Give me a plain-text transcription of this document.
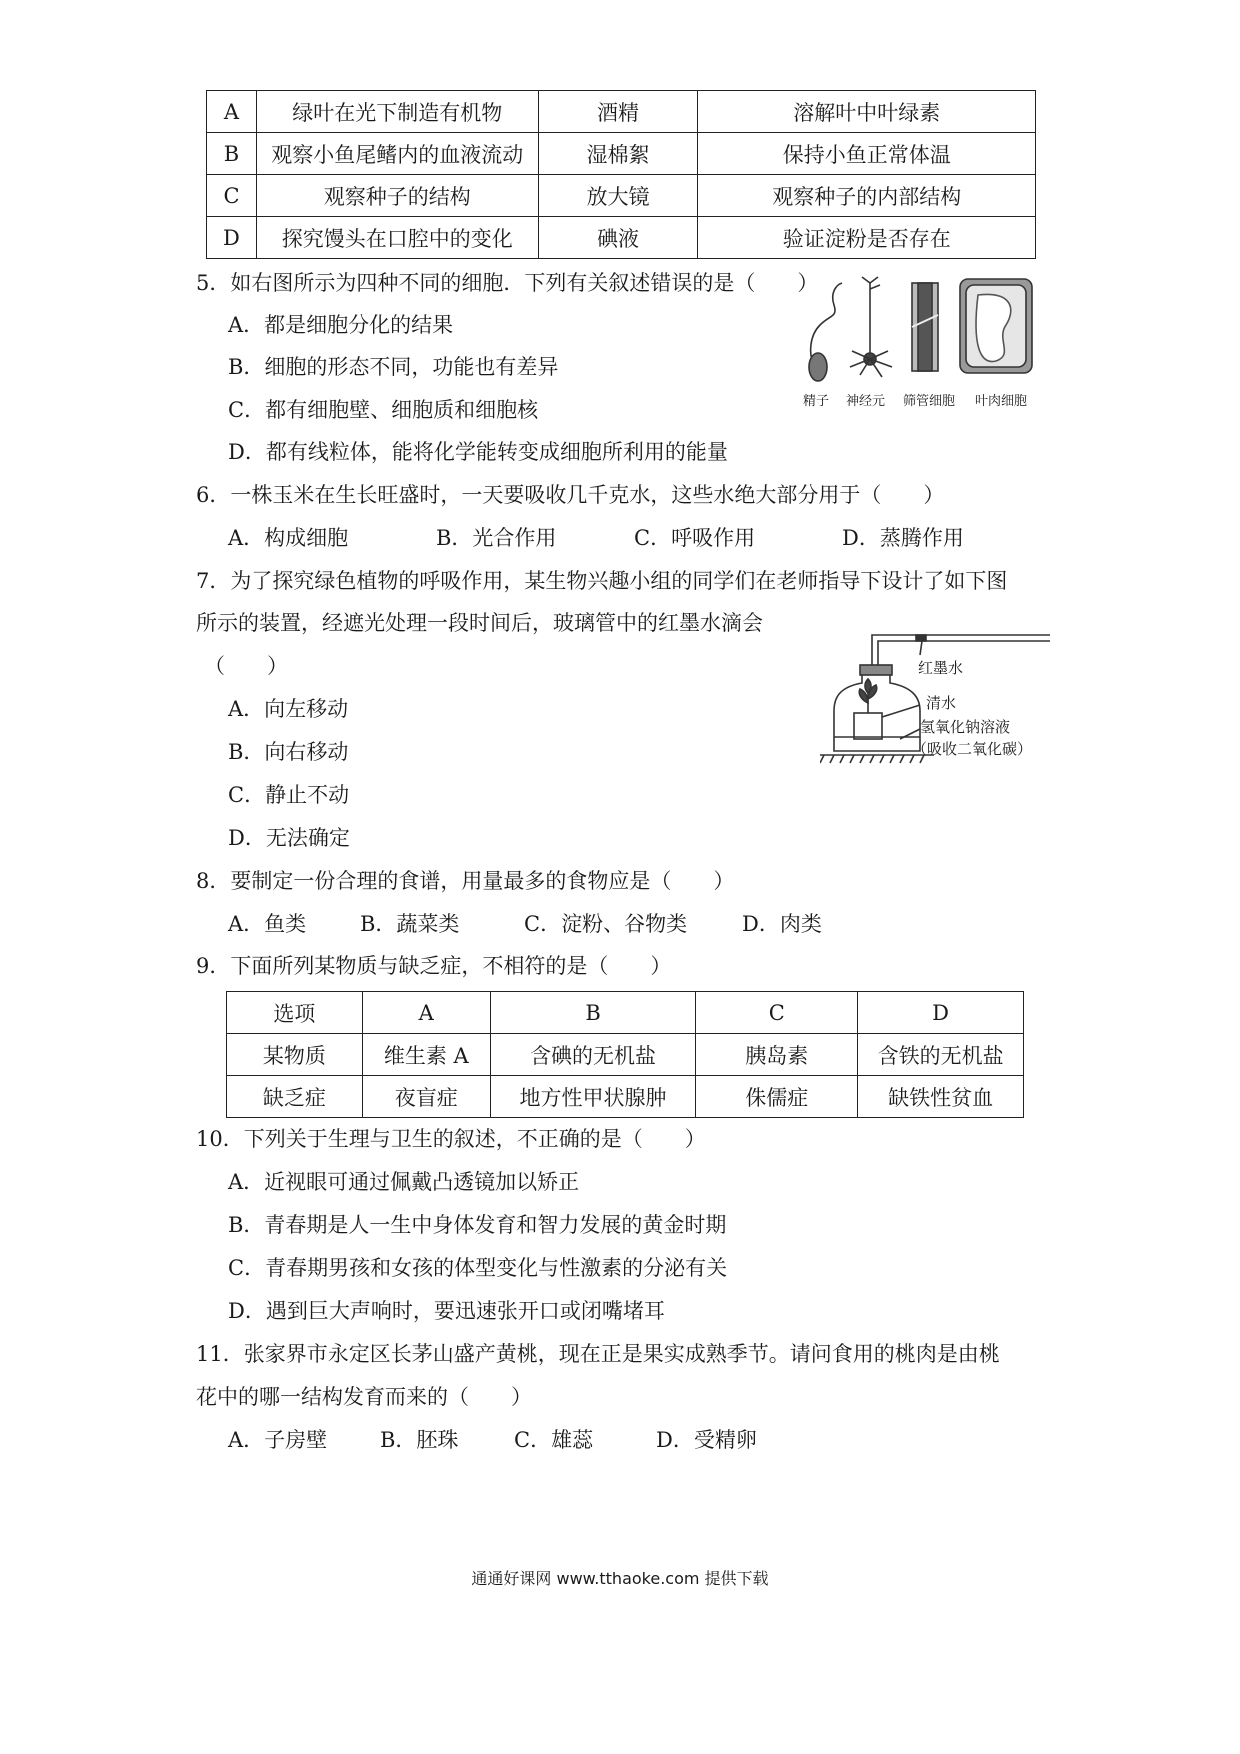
A	绿叶在光下制造有机物	酒精	溶解叶中叶绿素
B	观察小鱼尾鳍内的血液流动	湿棉絮	保持小鱼正常体温
C	观察种子的结构	放大镜	观察种子的内部结构
D	探究馒头在口腔中的变化	碘液	验证淀粉是否存在
5．如右图所示为四种不同的细胞．下列有关叙述错误的是（　　）
A．都是细胞分化的结果
B．细胞的形态不同，功能也有差异
C．都有细胞壁、细胞质和细胞核
D．都有线粒体，能将化学能转变成细胞所利用的能量
精子 神经元 筛管细胞 叶肉细胞
6．一株玉米在生长旺盛时，一天要吸收几千克水，这些水绝大部分用于（　　）
A．构成细胞	B．光合作用	C．呼吸作用	D．蒸腾作用
7．为了探究绿色植物的呼吸作用，某生物兴趣小组的同学们在老师指导下设计了如下图
所示的装置，经遮光处理一段时间后，玻璃管中的红墨水滴会
（　　）
A．向左移动
B．向右移动
C．静止不动
D．无法确定
红墨水
清水
氢氧化钠溶液
（吸收二氧化碳）
8．要制定一份合理的食谱，用量最多的食物应是（　　）
A．鱼类	B．蔬菜类	C．淀粉、谷物类	D．肉类
9．下面所列某物质与缺乏症，不相符的是（　　）
选项	A	B	C	D
某物质	维生素 A	含碘的无机盐	胰岛素	含铁的无机盐
缺乏症	夜盲症	地方性甲状腺肿	侏儒症	缺铁性贫血
10．下列关于生理与卫生的叙述，不正确的是（　　）
A．近视眼可通过佩戴凸透镜加以矫正
B．青春期是人一生中身体发育和智力发展的黄金时期
C．青春期男孩和女孩的体型变化与性激素的分泌有关
D．遇到巨大声响时，要迅速张开口或闭嘴堵耳
11．张家界市永定区长茅山盛产黄桃，现在正是果实成熟季节。请问食用的桃肉是由桃
花中的哪一结构发育而来的（　　）
A．子房壁	B．胚珠	C．雄蕊	D．受精卵
通通好课网 www.tthaoke.com 提供下载
